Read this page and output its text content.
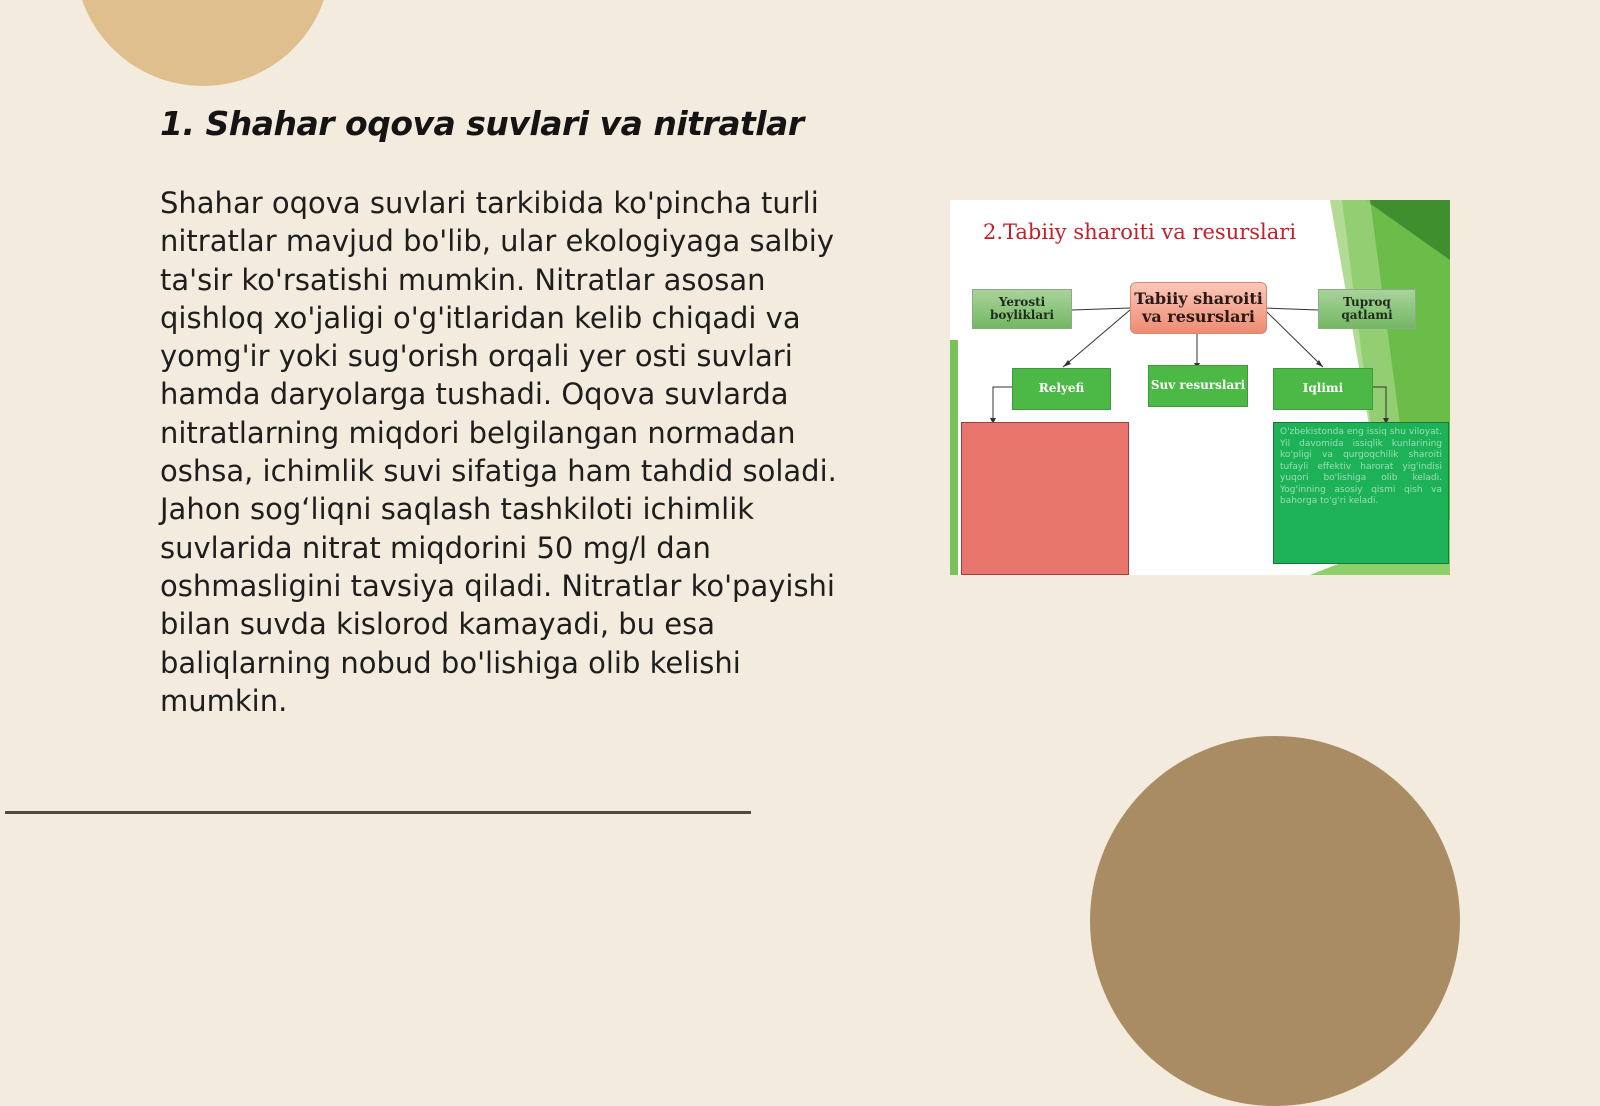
1. Shahar oqova suvlari va nitratlar

Shahar oqova suvlari tarkibida ko'pincha turli nitratlar mavjud bo'lib, ular ekologiyaga salbiy ta'sir ko'rsatishi mumkin. Nitratlar asosan qishloq xo'jaligi o'g'itlaridan kelib chiqadi va yomg'ir yoki sug'orish orqali yer osti suvlari hamda daryolarga tushadi. Oqova suvlarda nitratlarning miqdori belgilangan normadan oshsa, ichimlik suvi sifatiga ham tahdid soladi. Jahon sog‘liqni saqlash tashkiloti ichimlik suvlarida nitrat miqdorini 50 mg/l dan oshmasligini tavsiya qiladi. Nitratlar ko'payishi bilan suvda kislorod kamayadi, bu esa baliqlarning nobud bo'lishiga olib kelishi mumkin.

2.Tabiiy sharoiti va resurslari
Yerosti boyliklari
Tabiiy sharoiti va resurslari
Tuproq qatlami
Relyefi	Suv resurslari	Iqlimi
O'zbekistonda eng issiq shu viloyat. Yil davomida issiqlik kunlarining ko'pligi va qurgoqchilik sharoiti tufayli effektiv harorat yig'indisi yuqori bo'lishiga olib keladi. Yog'inning asosiy qismi qish va bahorga to'g'ri keladi.
